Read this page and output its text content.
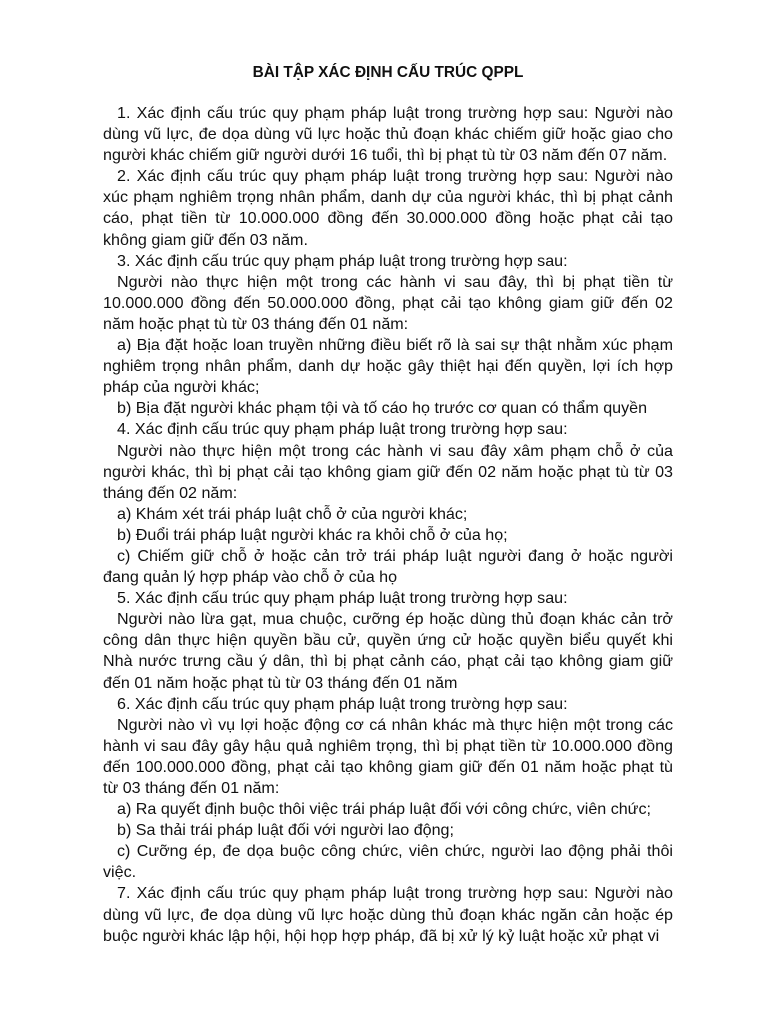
BÀI TẬP XÁC ĐỊNH CẤU TRÚC QPPL

1. Xác định cấu trúc quy phạm pháp luật trong trường hợp sau: Người nào dùng vũ lực, đe dọa dùng vũ lực hoặc thủ đoạn khác chiếm giữ hoặc giao cho người khác chiếm giữ người dưới 16 tuổi, thì bị phạt tù từ 03 năm đến 07 năm.

2. Xác định cấu trúc quy phạm pháp luật trong trường hợp sau: Người nào xúc phạm nghiêm trọng nhân phẩm, danh dự của người khác, thì bị phạt cảnh cáo, phạt tiền từ 10.000.000 đồng đến 30.000.000 đồng hoặc phạt cải tạo không giam giữ đến 03 năm.

3. Xác định cấu trúc quy phạm pháp luật trong trường hợp sau:

Người nào thực hiện một trong các hành vi sau đây, thì bị phạt tiền từ 10.000.000 đồng đến 50.000.000 đồng, phạt cải tạo không giam giữ đến 02 năm hoặc phạt tù từ 03 tháng đến 01 năm:

a) Bịa đặt hoặc loan truyền những điều biết rõ là sai sự thật nhằm xúc phạm nghiêm trọng nhân phẩm, danh dự hoặc gây thiệt hại đến quyền, lợi ích hợp pháp của người khác;

b) Bịa đặt người khác phạm tội và tố cáo họ trước cơ quan có thẩm quyền

4. Xác định cấu trúc quy phạm pháp luật trong trường hợp sau:

Người nào thực hiện một trong các hành vi sau đây xâm phạm chỗ ở của người khác, thì bị phạt cải tạo không giam giữ đến 02 năm hoặc phạt tù từ 03 tháng đến 02 năm:

a) Khám xét trái pháp luật chỗ ở của người khác;

b) Đuổi trái pháp luật người khác ra khỏi chỗ ở của họ;

c) Chiếm giữ chỗ ở hoặc cản trở trái pháp luật người đang ở hoặc người đang quản lý hợp pháp vào chỗ ở của họ

5. Xác định cấu trúc quy phạm pháp luật trong trường hợp sau:

Người nào lừa gạt, mua chuộc, cưỡng ép hoặc dùng thủ đoạn khác cản trở công dân thực hiện quyền bầu cử, quyền ứng cử hoặc quyền biểu quyết khi Nhà nước trưng cầu ý dân, thì bị phạt cảnh cáo, phạt cải tạo không giam giữ đến 01 năm hoặc phạt tù từ 03 tháng đến 01 năm

6. Xác định cấu trúc quy phạm pháp luật trong trường hợp sau:

Người nào vì vụ lợi hoặc động cơ cá nhân khác mà thực hiện một trong các hành vi sau đây gây hậu quả nghiêm trọng, thì bị phạt tiền từ 10.000.000 đồng đến 100.000.000 đồng, phạt cải tạo không giam giữ đến 01 năm hoặc phạt tù từ 03 tháng đến 01 năm:

a) Ra quyết định buộc thôi việc trái pháp luật đối với công chức, viên chức;

b) Sa thải trái pháp luật đối với người lao động;

c) Cưỡng ép, đe dọa buộc công chức, viên chức, người lao động phải thôi việc.

7. Xác định cấu trúc quy phạm pháp luật trong trường hợp sau: Người nào dùng vũ lực, đe dọa dùng vũ lực hoặc dùng thủ đoạn khác ngăn cản hoặc ép buộc người khác lập hội, hội họp hợp pháp, đã bị xử lý kỷ luật hoặc xử phạt vi
